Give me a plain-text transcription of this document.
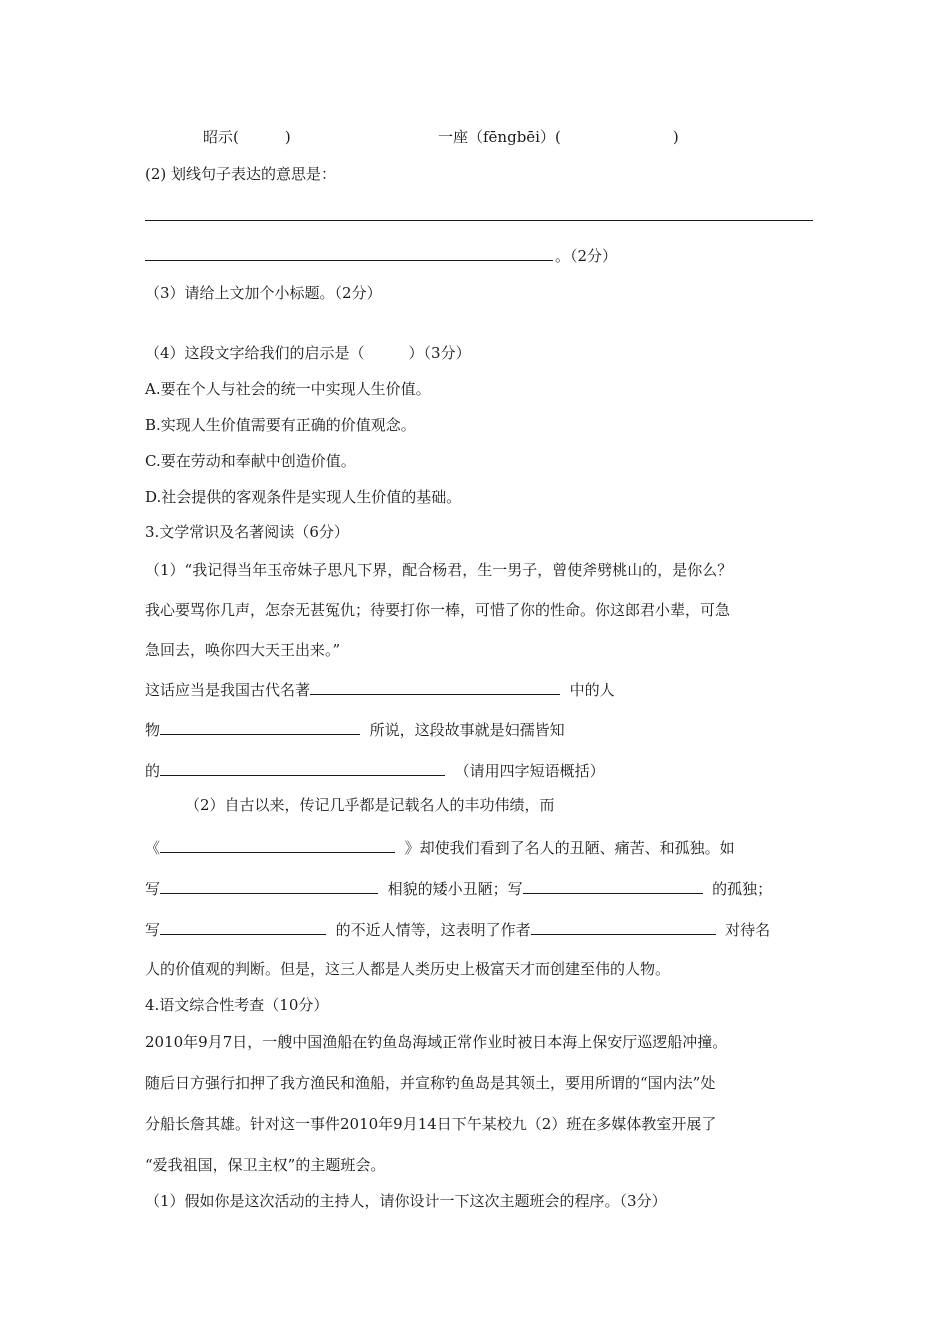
昭示(	)	一座（fēngbēi）(	)
(2) 划线句子表达的意思是：
。（2分）
（3）请给上文加个小标题。（2分）
（4）这段文字给我们的启示是（	）（3分）
A.要在个人与社会的统一中实现人生价值。
B.实现人生价值需要有正确的价值观念。
C.要在劳动和奉献中创造价值。
D.社会提供的客观条件是实现人生价值的基础。
3.文学常识及名著阅读（6分）
（1）“我记得当年玉帝妹子思凡下界，配合杨君，生一男子，曾使斧劈桃山的，是你么？
我心要骂你几声，怎奈无甚冤仇；待要打你一棒，可惜了你的性命。你这郎君小辈，可急
急回去，唤你四大天王出来。”
这话应当是我国古代名著	中的人
物	所说，这段故事就是妇孺皆知
的	（请用四字短语概括）
（2）自古以来，传记几乎都是记载名人的丰功伟绩，而
《	》却使我们看到了名人的丑陋、痛苦、和孤独。如
写	相貌的矮小丑陋；写	的孤独；
写	的不近人情等，这表明了作者	对待名
人的价值观的判断。但是，这三人都是人类历史上极富天才而创建至伟的人物。
4.语文综合性考查（10分）
2010年9月7日，一艘中国渔船在钓鱼岛海域正常作业时被日本海上保安厅巡逻船冲撞。
随后日方强行扣押了我方渔民和渔船，并宣称钓鱼岛是其领土，要用所谓的“国内法”处
分船长詹其雄。针对这一事件2010年9月14日下午某校九（2）班在多媒体教室开展了
“爱我祖国，保卫主权”的主题班会。
（1）假如你是这次活动的主持人，请你设计一下这次主题班会的程序。（3分）
